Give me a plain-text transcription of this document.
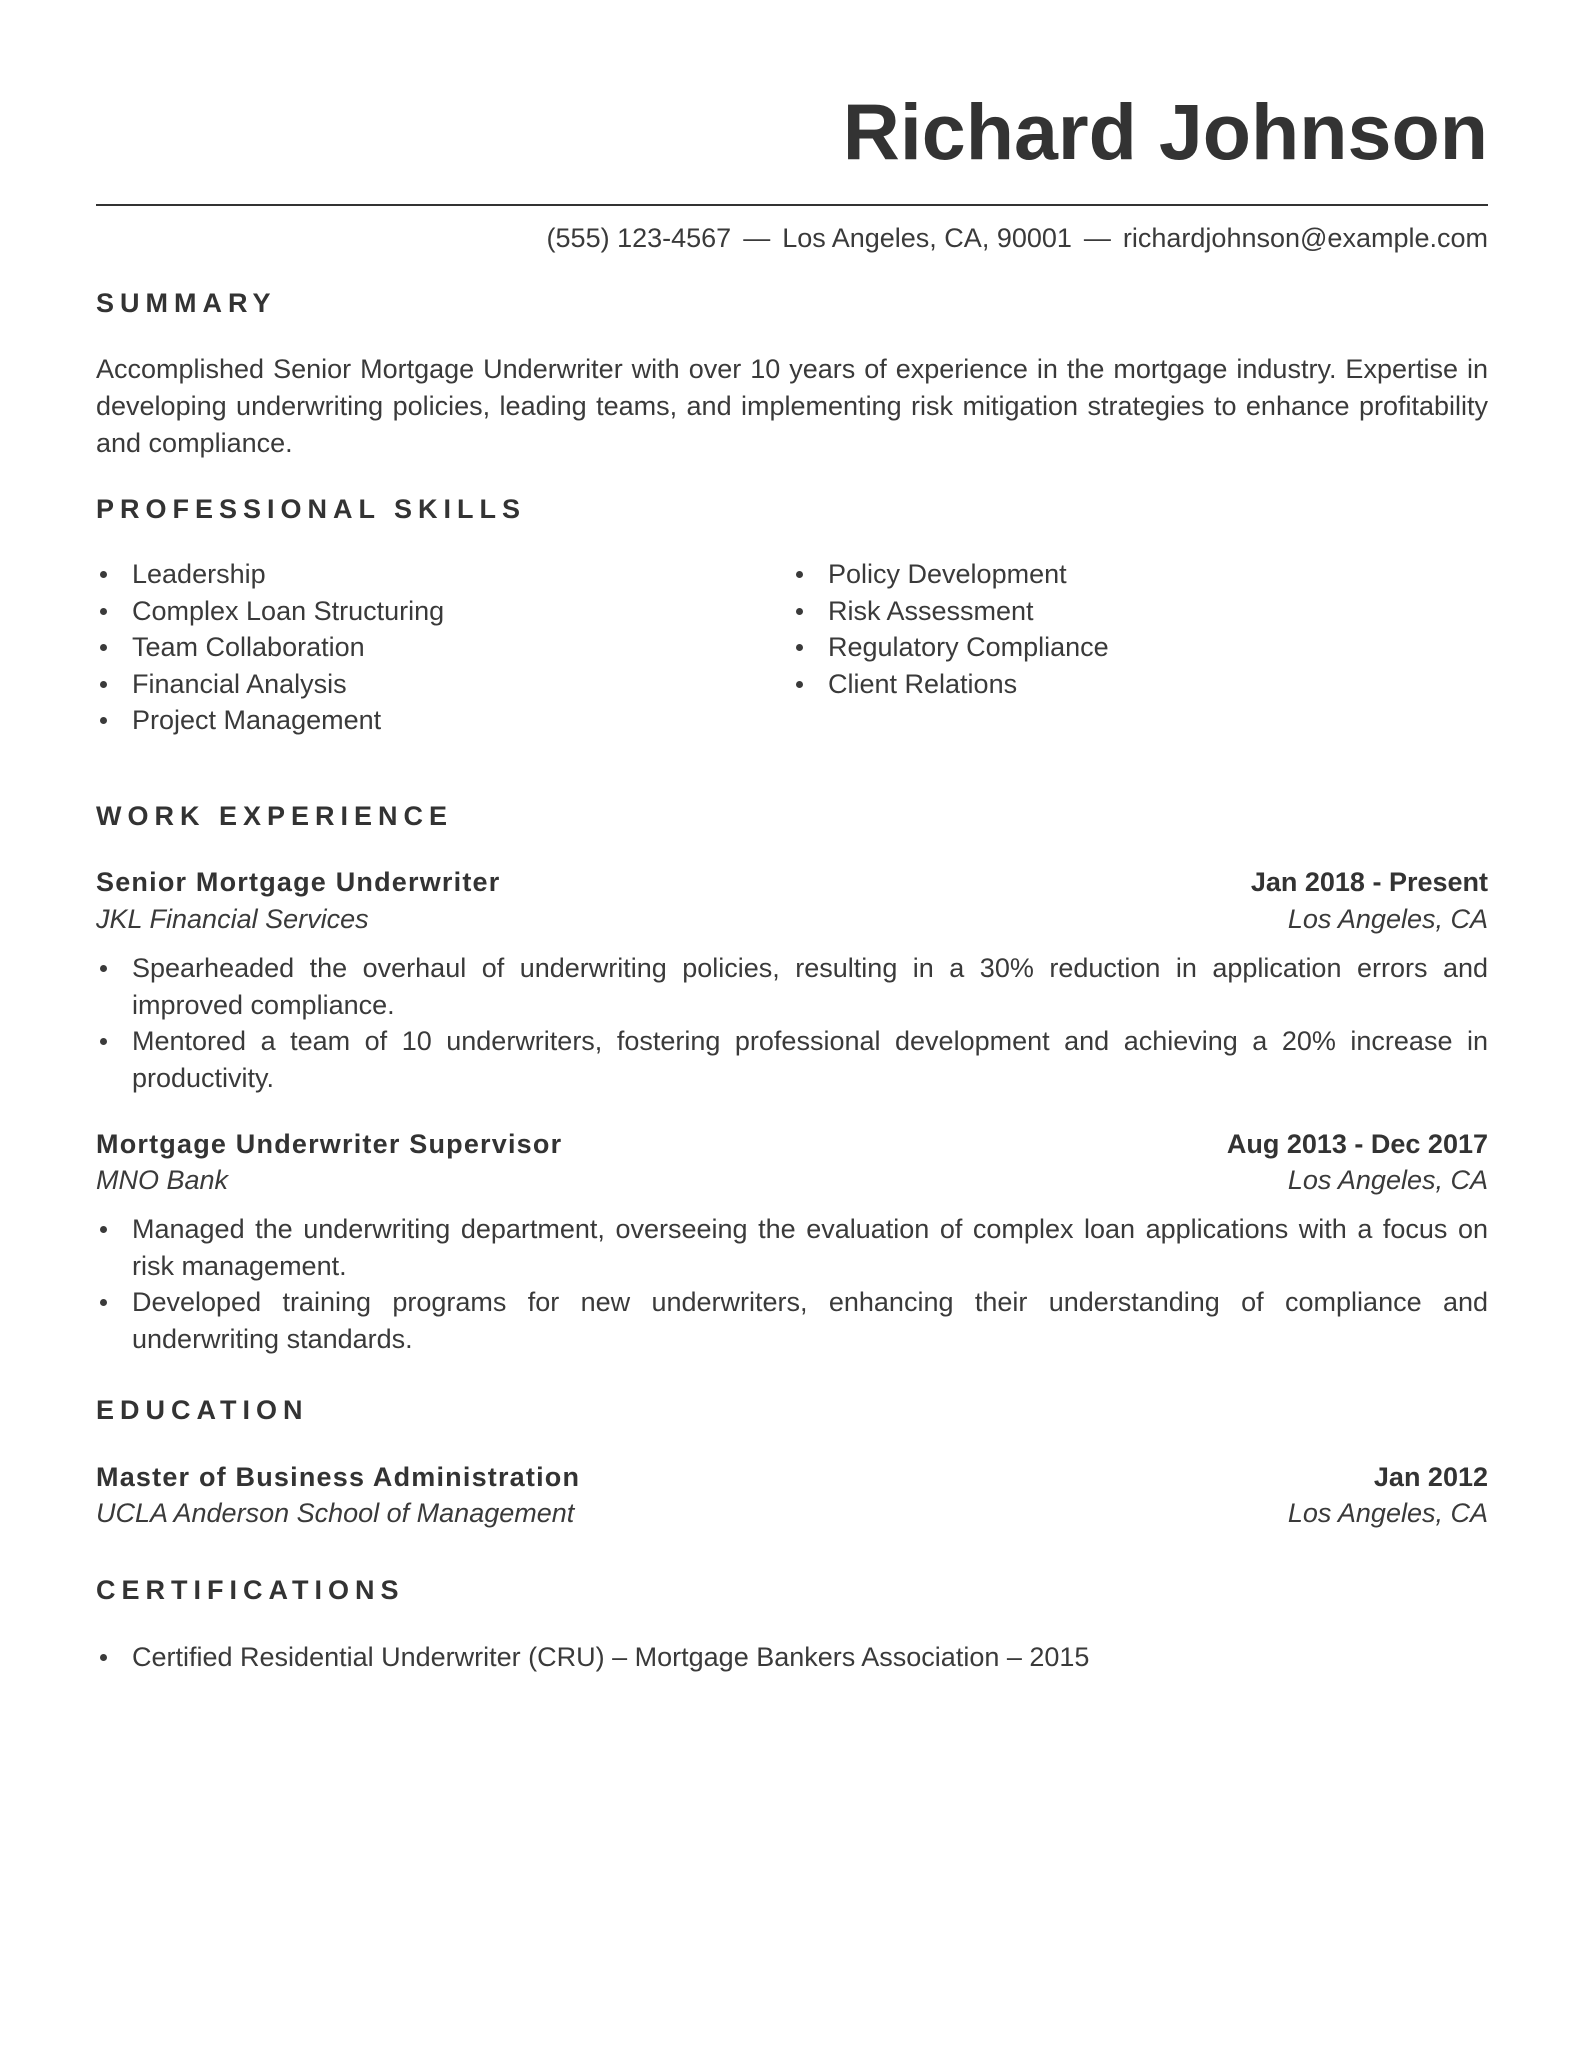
Richard Johnson
(555) 123-4567 — Los Angeles, CA, 90001 — richardjohnson@example.com
SUMMARY

Accomplished Senior Mortgage Underwriter with over 10 years of experience in the mortgage industry. Expertise in developing underwriting policies, leading teams, and implementing risk mitigation strategies to enhance profitability and compliance.

PROFESSIONAL SKILLS
Leadership
Complex Loan Structuring
Team Collaboration
Financial Analysis
Project Management
Policy Development
Risk Assessment
Regulatory Compliance
Client Relations
WORK EXPERIENCE
Senior Mortgage Underwriter	Jan 2018 - Present
JKL Financial Services	Los Angeles, CA
Spearheaded the overhaul of underwriting policies, resulting in a 30% reduction in application errors and improved compliance.
Mentored a team of 10 underwriters, fostering professional development and achieving a 20% increase in productivity.
Mortgage Underwriter Supervisor	Aug 2013 - Dec 2017
MNO Bank	Los Angeles, CA
Managed the underwriting department, overseeing the evaluation of complex loan applications with a focus on risk management.
Developed training programs for new underwriters, enhancing their understanding of compliance and underwriting standards.
EDUCATION
Master of Business Administration	Jan 2012
UCLA Anderson School of Management	Los Angeles, CA
CERTIFICATIONS
Certified Residential Underwriter (CRU) – Mortgage Bankers Association – 2015
